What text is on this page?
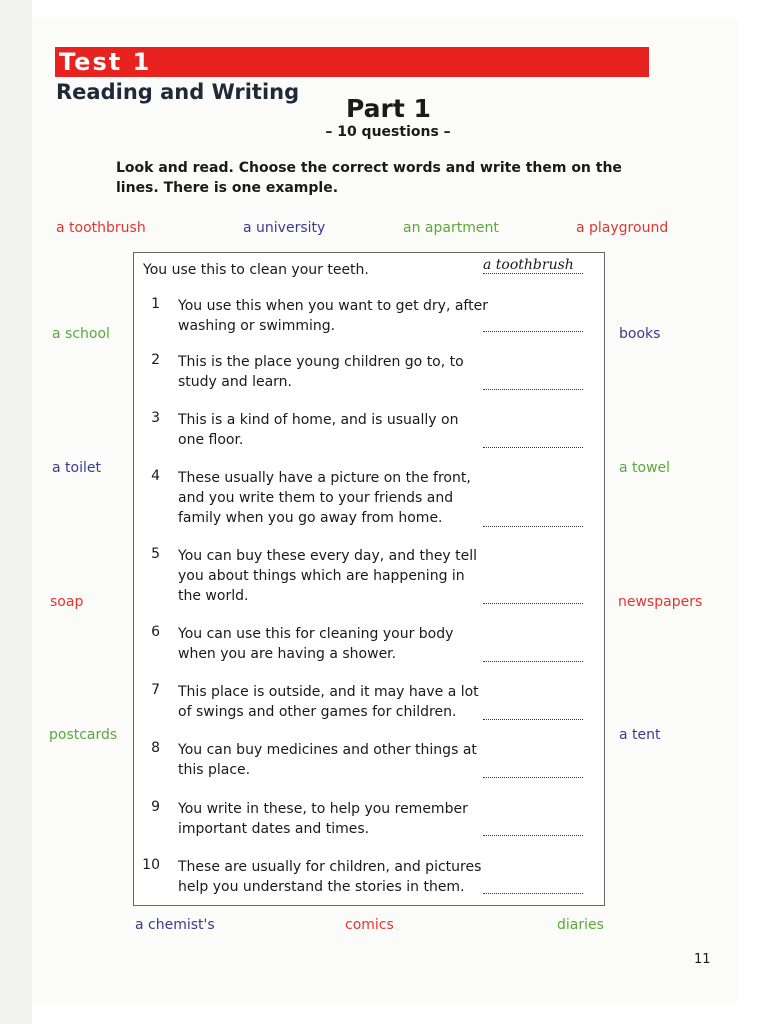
Test 1
Reading and Writing
Part 1
– 10 questions –
Look and read. Choose the correct words and write them on the lines. There is one example.
a toothbrush	a university	an apartment	a playground
a school
a toilet
soap
postcards
books
a towel
newspapers
a tent
a chemist's	comics	diaries
You use this to clean your teeth.	a toothbrush
1 You use this when you want to get dry, after washing or swimming.
2 This is the place young children go to, to study and learn.
3 This is a kind of home, and is usually on one floor.
4 These usually have a picture on the front, and you write them to your friends and family when you go away from home.
5 You can buy these every day, and they tell you about things which are happening in the world.
6 You can use this for cleaning your body when you are having a shower.
7 This place is outside, and it may have a lot of swings and other games for children.
8 You can buy medicines and other things at this place.
9 You write in these, to help you remember important dates and times.
10 These are usually for children, and pictures help you understand the stories in them.
11
